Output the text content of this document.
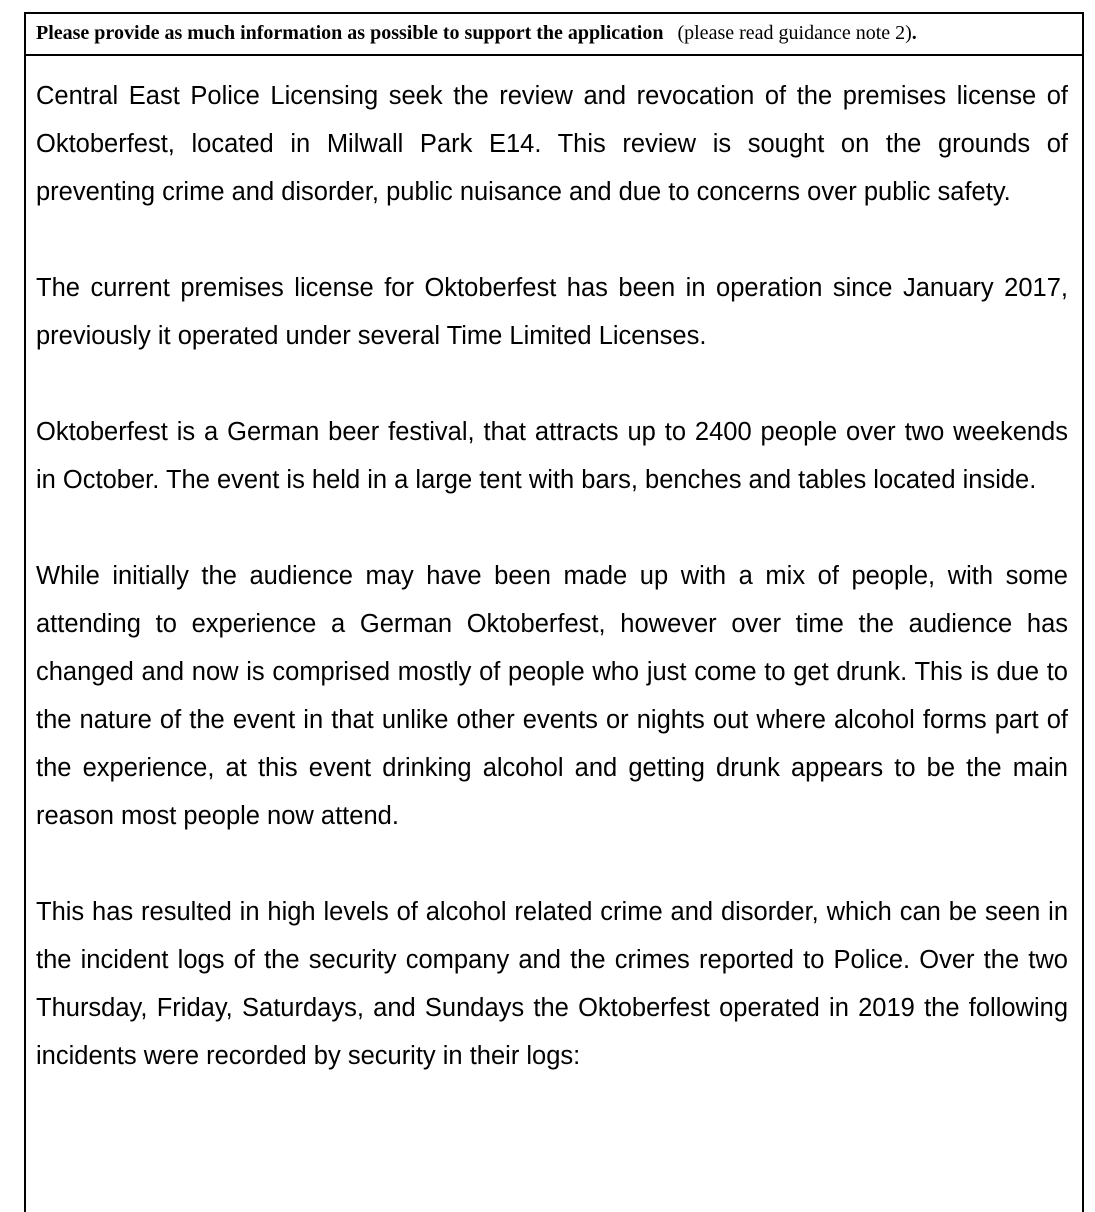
Please provide as much information as possible to support the application (please read guidance note 2).

Central East Police Licensing seek the review and revocation of the premises license of Oktoberfest, located in Milwall Park E14. This review is sought on the grounds of preventing crime and disorder, public nuisance and due to concerns over public safety.

The current premises license for Oktoberfest has been in operation since January 2017, previously it operated under several Time Limited Licenses.

Oktoberfest is a German beer festival, that attracts up to 2400 people over two weekends in October. The event is held in a large tent with bars, benches and tables located inside.

While initially the audience may have been made up with a mix of people, with some attending to experience a German Oktoberfest, however over time the audience has changed and now is comprised mostly of people who just come to get drunk. This is due to the nature of the event in that unlike other events or nights out where alcohol forms part of the experience, at this event drinking alcohol and getting drunk appears to be the main reason most people now attend.

This has resulted in high levels of alcohol related crime and disorder, which can be seen in the incident logs of the security company and the crimes reported to Police. Over the two Thursday, Friday, Saturdays, and Sundays the Oktoberfest operated in 2019 the following incidents were recorded by security in their logs:
